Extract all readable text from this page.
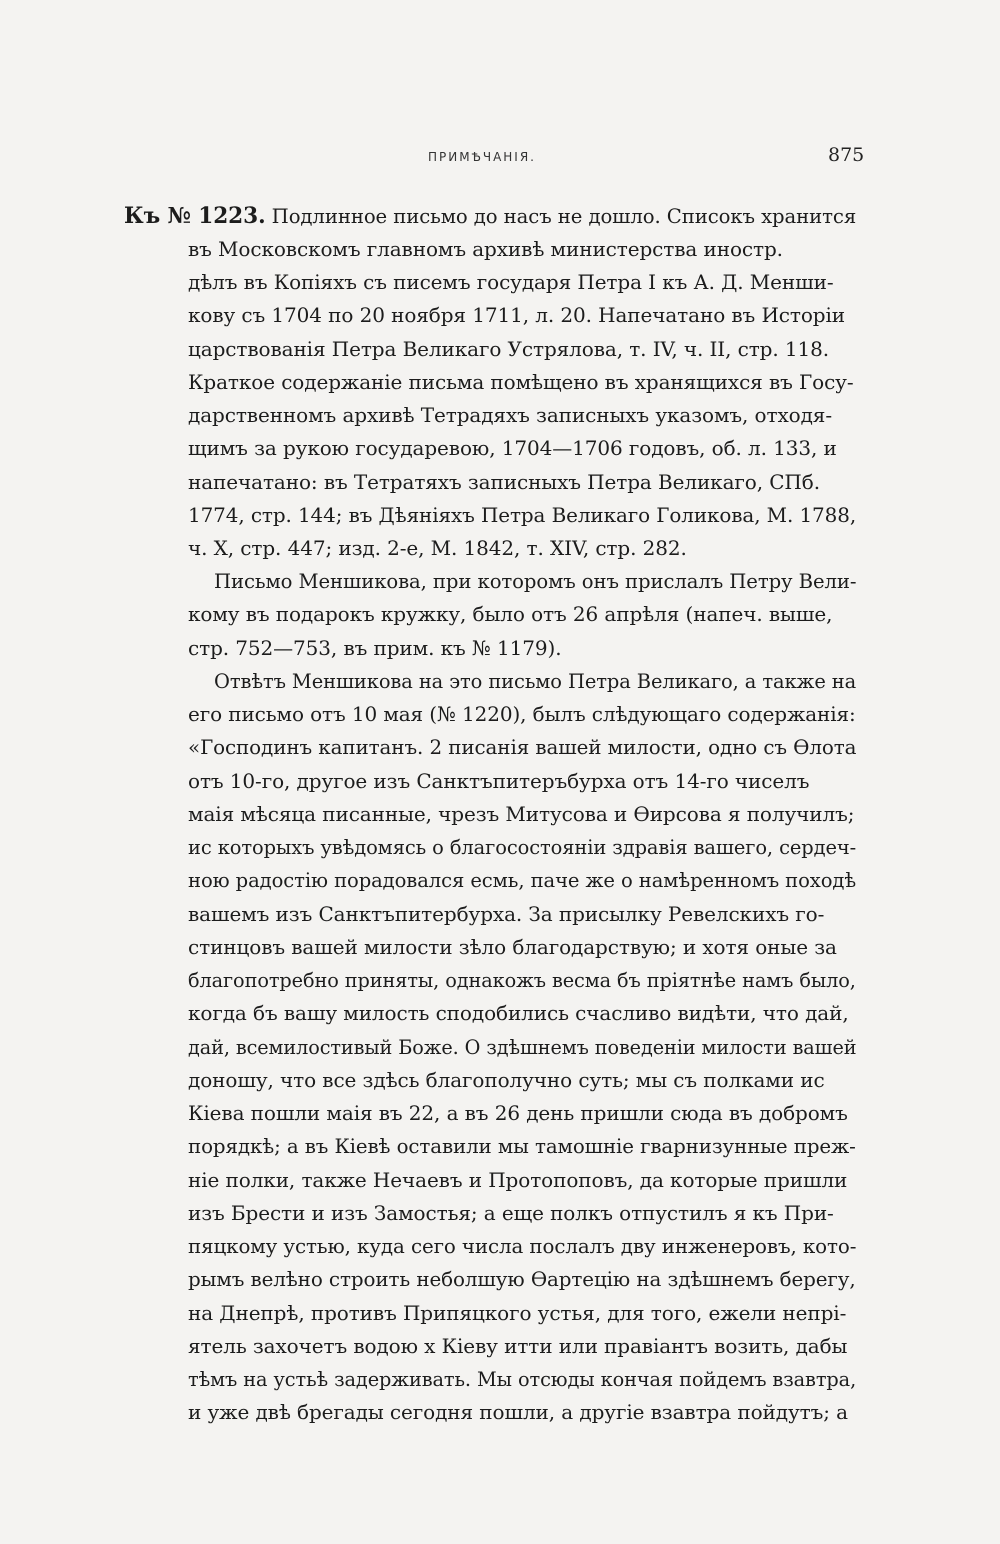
ПРИМѢЧАНІЯ.	875
Къ № 1223. Подлинное письмо до насъ не дошло. Списокъ хранится
въ Московскомъ главномъ архивѣ министерства иностр.
дѣлъ въ Копіяхъ съ писемъ государя Петра I къ А. Д. Менши-
кову съ 1704 по 20 ноября 1711, л. 20. Напечатано въ Исторіи
царствованія Петра Великаго Устрялова, т. IV, ч. II, стр. 118.
Краткое содержаніе письма помѣщено въ хранящихся въ Госу-
дарственномъ архивѣ Тетрадяхъ записныхъ указомъ, отходя-
щимъ за рукою государевою, 1704—1706 годовъ, об. л. 133, и
напечатано: въ Тетратяхъ записныхъ Петра Великаго, СПб.
1774, стр. 144; въ Дѣяніяхъ Петра Великаго Голикова, М. 1788,
ч. X, стр. 447; изд. 2-е, М. 1842, т. XIV, стр. 282.
Письмо Меншикова, при которомъ онъ прислалъ Петру Вели-
кому въ подарокъ кружку, было отъ 26 апрѣля (напеч. выше,
стр. 752—753, въ прим. къ № 1179).
Отвѣтъ Меншикова на это письмо Петра Великаго, а также на
его письмо отъ 10 мая (№ 1220), былъ слѣдующаго содержанія:
«Господинъ капитанъ. 2 писанія вашей милости, одно съ Ѳлота
отъ 10-го, другое изъ Санктъпитеръбурха отъ 14-го чиселъ
маія мѣсяца писанные, чрезъ Митусова и Ѳирсова я получилъ;
ис которыхъ увѣдомясь о благосостояніи здравія вашего, сердеч-
ною радостію порадовался есмь, паче же о намѣренномъ походѣ
вашемъ изъ Санктъпитербурха. За присылку Ревелскихъ го-
стинцовъ вашей милости зѣло благодарствую; и хотя оные за
благопотребно приняты, однакожъ весма бъ пріятнѣе намъ было,
когда бъ вашу милость сподобились счасливо видѣти, что дай,
дай, всемилостивый Боже. О здѣшнемъ поведеніи милости вашей
доношу, что все здѣсь благополучно суть; мы съ полками ис
Кіева пошли маія въ 22, а въ 26 день пришли сюда въ добромъ
порядкѣ; а въ Кіевѣ оставили мы тамошніе гварнизунные преж-
ніе полки, также Нечаевъ и Протопоповъ, да которые пришли
изъ Брести и изъ Замостья; а еще полкъ отпустилъ я къ При-
пяцкому устью, куда сего числа послалъ дву инженеровъ, кото-
рымъ велѣно строить неболшую Ѳартецію на здѣшнемъ берегу,
на Днепрѣ, противъ Припяцкого устья, для того, ежели непрі-
ятель захочетъ водою х Кіеву итти или правіантъ возить, дабы
тѣмъ на устьѣ задерживать. Мы отсюды кончая пойдемъ взавтра,
и уже двѣ брегады сегодня пошли, а другіе взавтра пойдутъ; а
